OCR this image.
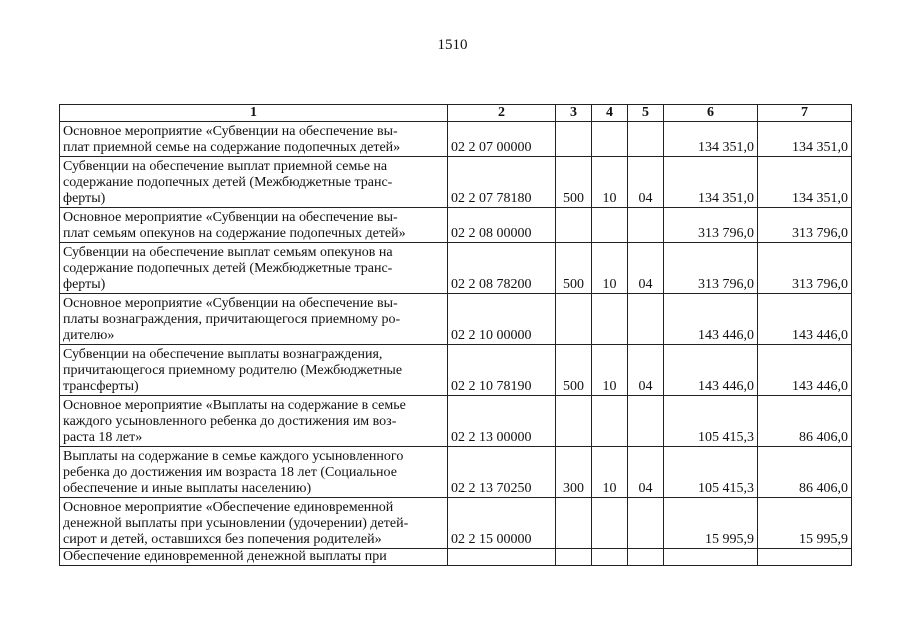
1510
1	2	3	4	5	6	7
Основное мероприятие «Субвенции на обеспечение вы-
плат приемной семье на содержание подопечных детей»	02 2 07 00000				134 351,0	134 351,0
Субвенции на обеспечение выплат приемной семье на
содержание подопечных детей (Межбюджетные транс-
ферты)	02 2 07 78180	500	10	04	134 351,0	134 351,0
Основное мероприятие «Субвенции на обеспечение вы-
плат семьям опекунов на содержание подопечных детей»	02 2 08 00000				313 796,0	313 796,0
Субвенции на обеспечение выплат семьям опекунов на
содержание подопечных детей (Межбюджетные транс-
ферты)	02 2 08 78200	500	10	04	313 796,0	313 796,0
Основное мероприятие «Субвенции на обеспечение вы-
платы вознаграждения, причитающегося приемному ро-
дителю»	02 2 10 00000				143 446,0	143 446,0
Субвенции на обеспечение выплаты вознаграждения,
причитающегося приемному родителю (Межбюджетные
трансферты)	02 2 10 78190	500	10	04	143 446,0	143 446,0
Основное мероприятие «Выплаты на содержание в семье
каждого усыновленного ребенка до достижения им воз-
раста 18 лет»	02 2 13 00000				105 415,3	86 406,0
Выплаты на содержание в семье каждого усыновленного
ребенка до достижения им возраста 18 лет (Социальное
обеспечение и иные выплаты населению)	02 2 13 70250	300	10	04	105 415,3	86 406,0
Основное мероприятие «Обеспечение единовременной
денежной выплаты при усыновлении (удочерении) детей-
сирот и детей, оставшихся без попечения родителей»	02 2 15 00000				15 995,9	15 995,9
Обеспечение единовременной денежной выплаты при						
